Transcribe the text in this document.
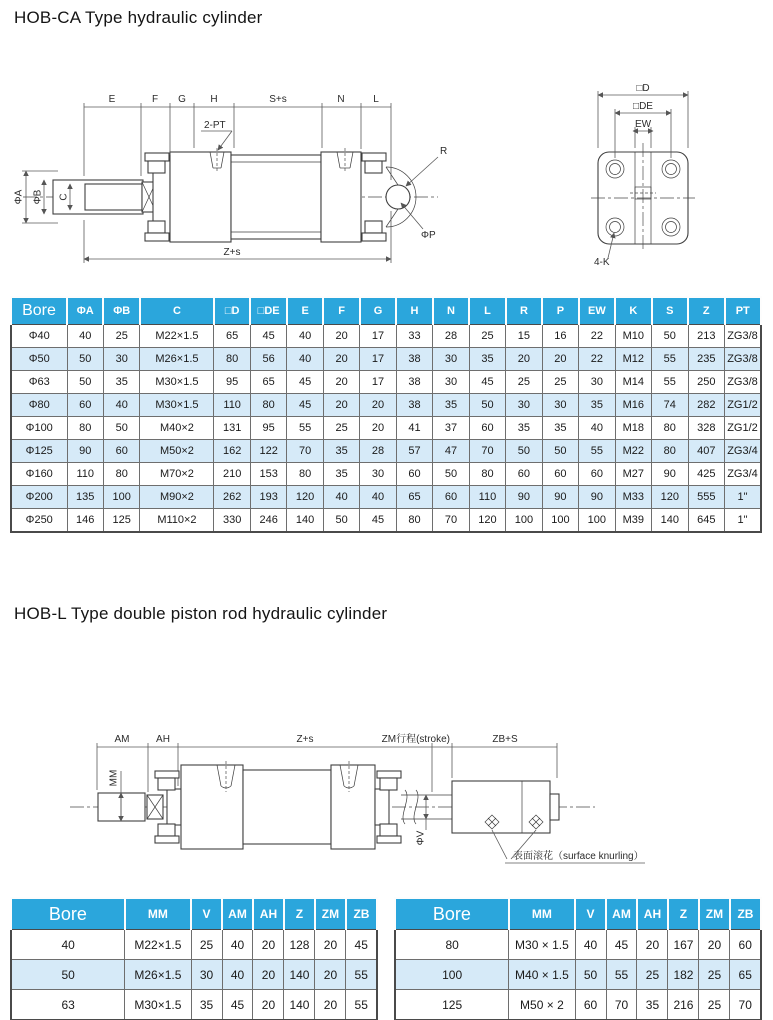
HOB-CA Type hydraulic cylinder
E	F G H	S+s	N	L
2-PT
ΦA ΦB C
R
ΦP
Z+s
□D
□DE
EW
4-K
Bore	ΦA	ΦB	C	□D	□DE	E	F	G	H	N	L	R	P	EW	K	S	Z	PT
Φ40	40	25	M22×1.5	65	45	40	20	17	33	28	25	15	16	22	M10	50	213	ZG3/8
Φ50	50	30	M26×1.5	80	56	40	20	17	38	30	35	20	20	22	M12	55	235	ZG3/8
Φ63	50	35	M30×1.5	95	65	45	20	17	38	30	45	25	25	30	M14	55	250	ZG3/8
Φ80	60	40	M30×1.5	110	80	45	20	20	38	35	50	30	30	35	M16	74	282	ZG1/2
Φ100	80	50	M40×2	131	95	55	25	20	41	37	60	35	35	40	M18	80	328	ZG1/2
Φ125	90	60	M50×2	162	122	70	35	28	57	47	70	50	50	55	M22	80	407	ZG3/4
Φ160	110	80	M70×2	210	153	80	35	30	60	50	80	60	60	60	M27	90	425	ZG3/4
Φ200	135	100	M90×2	262	193	120	40	40	65	60	110	90	90	90	M33	120	555	1"
Φ250	146	125	M110×2	330	246	140	50	45	80	70	120	100	100	100	M39	140	645	1"
HOB-L Type double piston rod hydraulic cylinder
AM	AH	Z+s	ZM行程(stroke)	ZB+S
MM
ΦV
表面滚花（surface knurling）
Bore	MM	V	AM	AH	Z	ZM	ZB
40	M22×1.5	25	40	20	128	20	45
50	M26×1.5	30	40	20	140	20	55
63	M30×1.5	35	45	20	140	20	55
Bore	MM	V	AM	AH	Z	ZM	ZB
80	M30 × 1.5	40	45	20	167	20	60
100	M40 × 1.5	50	55	25	182	25	65
125	M50 × 2	60	70	35	216	25	70
